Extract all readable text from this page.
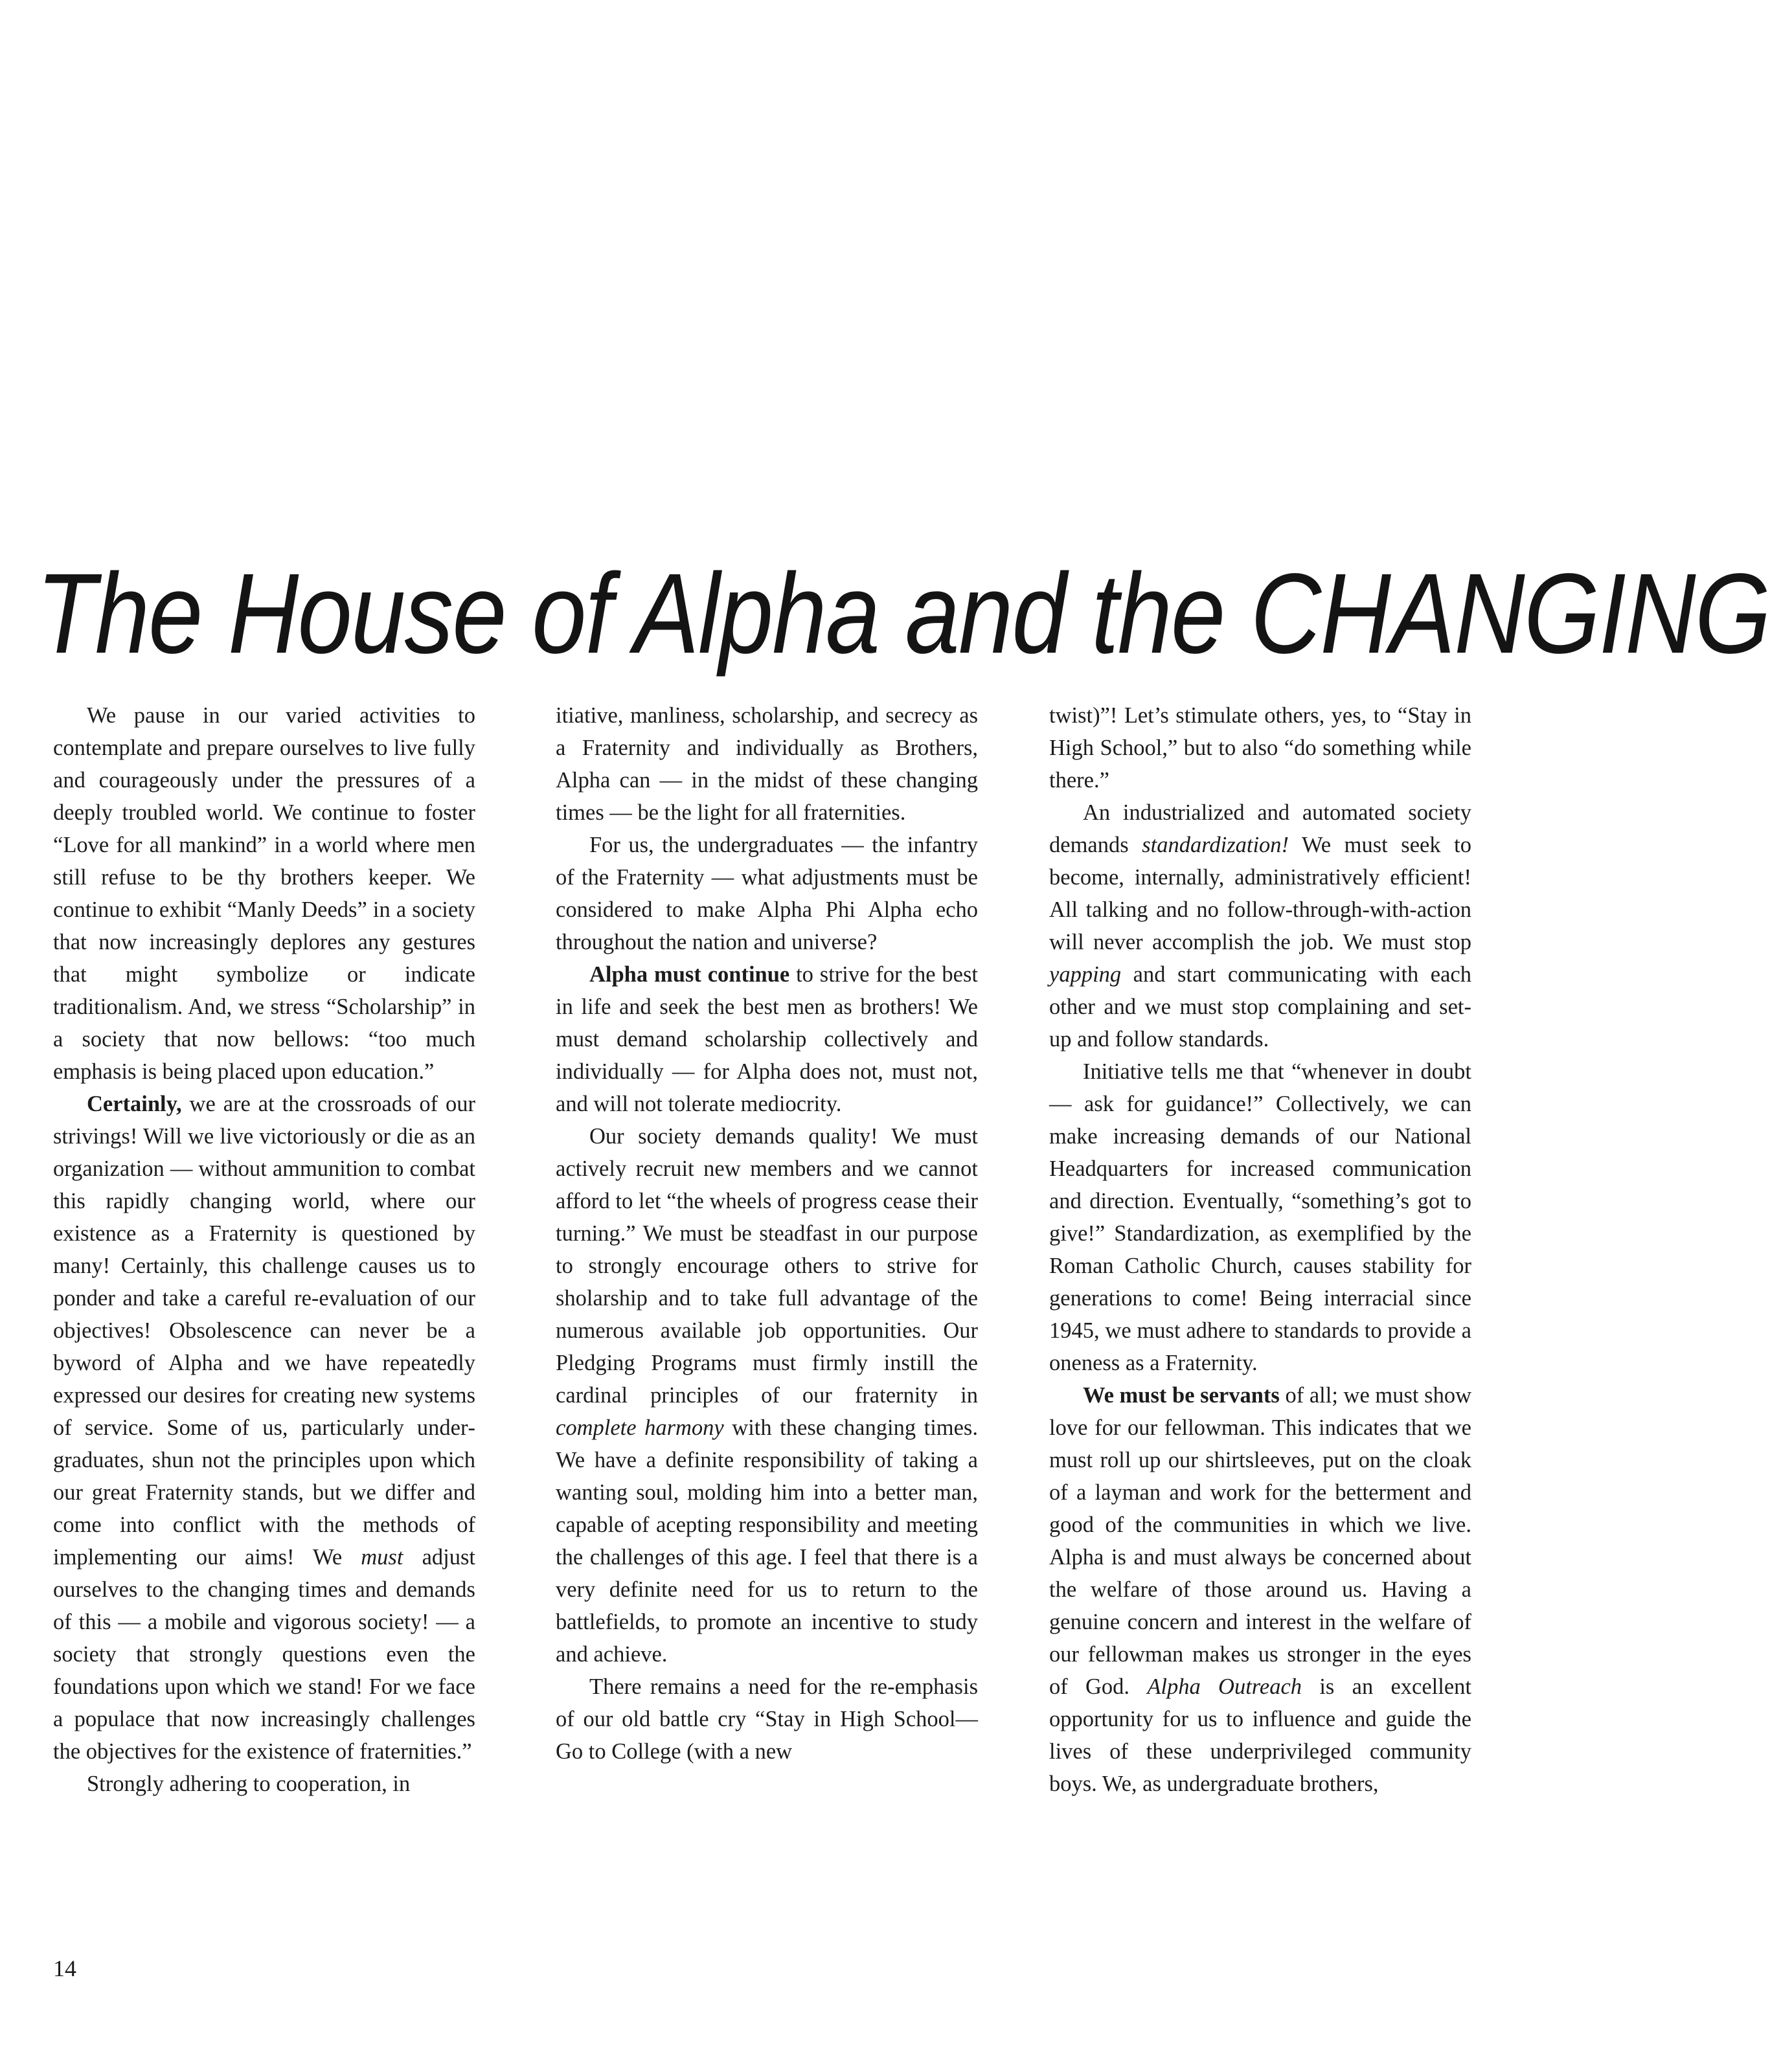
The House of Alpha and the CHANGING

We pause in our varied activities to contemplate and prepare ourselves to live fully and courageously under the pressures of a deeply troubled world. We continue to foster “Love for all mankind” in a world where men still refuse to be thy brothers keeper. We continue to exhibit “Manly Deeds” in a society that now increasingly deplores any gestures that might symbolize or indicate traditionalism. And, we stress “Scholarship” in a society that now bellows: “too much emphasis is being placed upon education.”

Certainly, we are at the crossroads of our strivings! Will we live victoriously or die as an organization — without ammunition to combat this rapidly changing world, where our existence as a Fraternity is questioned by many! Certainly, this challenge causes us to ponder and take a careful re-evaluation of our objectives! Obsolescence can never be a byword of Alpha and we have repeatedly expressed our desires for creating new systems of service. Some of us, particularly undergraduates, shun not the principles upon which our great Fraternity stands, but we differ and come into conflict with the methods of implementing our aims! We must adjust ourselves to the changing times and demands of this — a mobile and vigorous society! — a society that strongly questions even the foundations upon which we stand! For we face a populace that now increasingly challenges the objectives for the existence of fraternities.”

Strongly adhering to cooperation, in

itiative, manliness, scholarship, and secrecy as a Fraternity and individually as Brothers, Alpha can — in the midst of these changing times — be the light for all fraternities.

For us, the undergraduates — the infantry of the Fraternity — what adjustments must be considered to make Alpha Phi Alpha echo throughout the nation and universe?

Alpha must continue to strive for the best in life and seek the best men as brothers! We must demand scholarship collectively and individually — for Alpha does not, must not, and will not tolerate mediocrity.

Our society demands quality! We must actively recruit new members and we cannot afford to let “the wheels of progress cease their turning.” We must be steadfast in our purpose to strongly encourage others to strive for sholarship and to take full advantage of the numerous available job opportunities. Our Pledging Programs must firmly instill the cardinal principles of our fraternity in complete harmony with these changing times. We have a definite responsibility of taking a wanting soul, molding him into a better man, capable of acepting responsibility and meeting the challenges of this age. I feel that there is a very definite need for us to return to the battlefields, to promote an incentive to study and achieve.

There remains a need for the re-emphasis of our old battle cry “Stay in High School—Go to College (with a new

twist)”! Let’s stimulate others, yes, to “Stay in High School,” but to also “do something while there.”

An industrialized and automated society demands standardization! We must seek to become, internally, administratively efficient! All talking and no follow-through-with-action will never accomplish the job. We must stop yapping and start communicating with each other and we must stop complaining and set-up and follow standards.

Initiative tells me that “whenever in doubt — ask for guidance!” Collectively, we can make increasing demands of our National Headquarters for increased communication and direction. Eventually, “something’s got to give!” Standardization, as exemplified by the Roman Catholic Church, causes stability for generations to come! Being interracial since 1945, we must adhere to standards to provide a oneness as a Fraternity.

We must be servants of all; we must show love for our fellowman. This indicates that we must roll up our shirtsleeves, put on the cloak of a layman and work for the betterment and good of the communities in which we live. Alpha is and must always be concerned about the welfare of those around us. Having a genuine concern and interest in the welfare of our fellowman makes us stronger in the eyes of God. Alpha Outreach is an excellent opportunity for us to influence and guide the lives of these underprivileged community boys. We, as undergraduate brothers,

14
